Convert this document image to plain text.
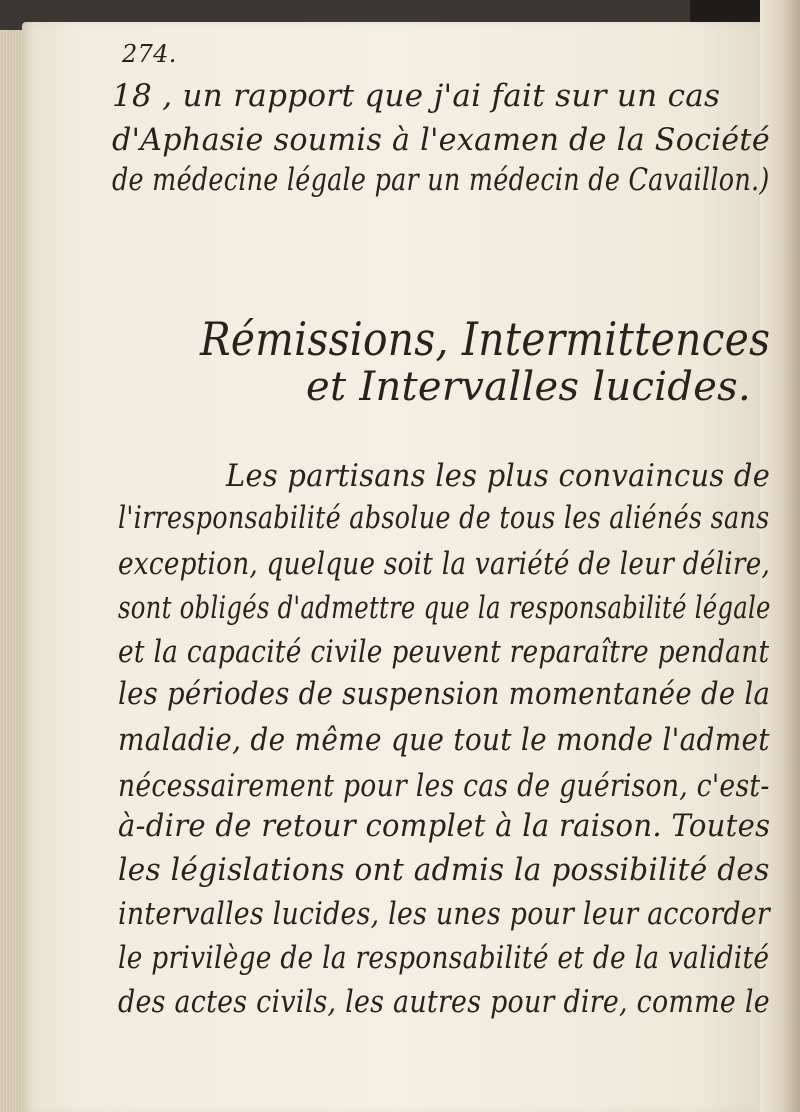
274.
18 , un rapport que j'ai fait sur un cas
d'Aphasie soumis à l'examen de la Société
de médecine légale par un médecin de Cavaillon.)
Rémissions, Intermittences
et Intervalles lucides.
Les partisans les plus convaincus de
l'irresponsabilité absolue de tous les aliénés sans
exception, quelque soit la variété de leur délire,
sont obligés d'admettre que la responsabilité légale
et la capacité civile peuvent reparaître pendant
les périodes de suspension momentanée de la
maladie, de même que tout le monde l'admet
nécessairement pour les cas de guérison, c'est-
à-dire de retour complet à la raison. Toutes
les législations ont admis la possibilité des
intervalles lucides, les unes pour leur accorder
le privilège de la responsabilité et de la validité
des actes civils, les autres pour dire, comme le
